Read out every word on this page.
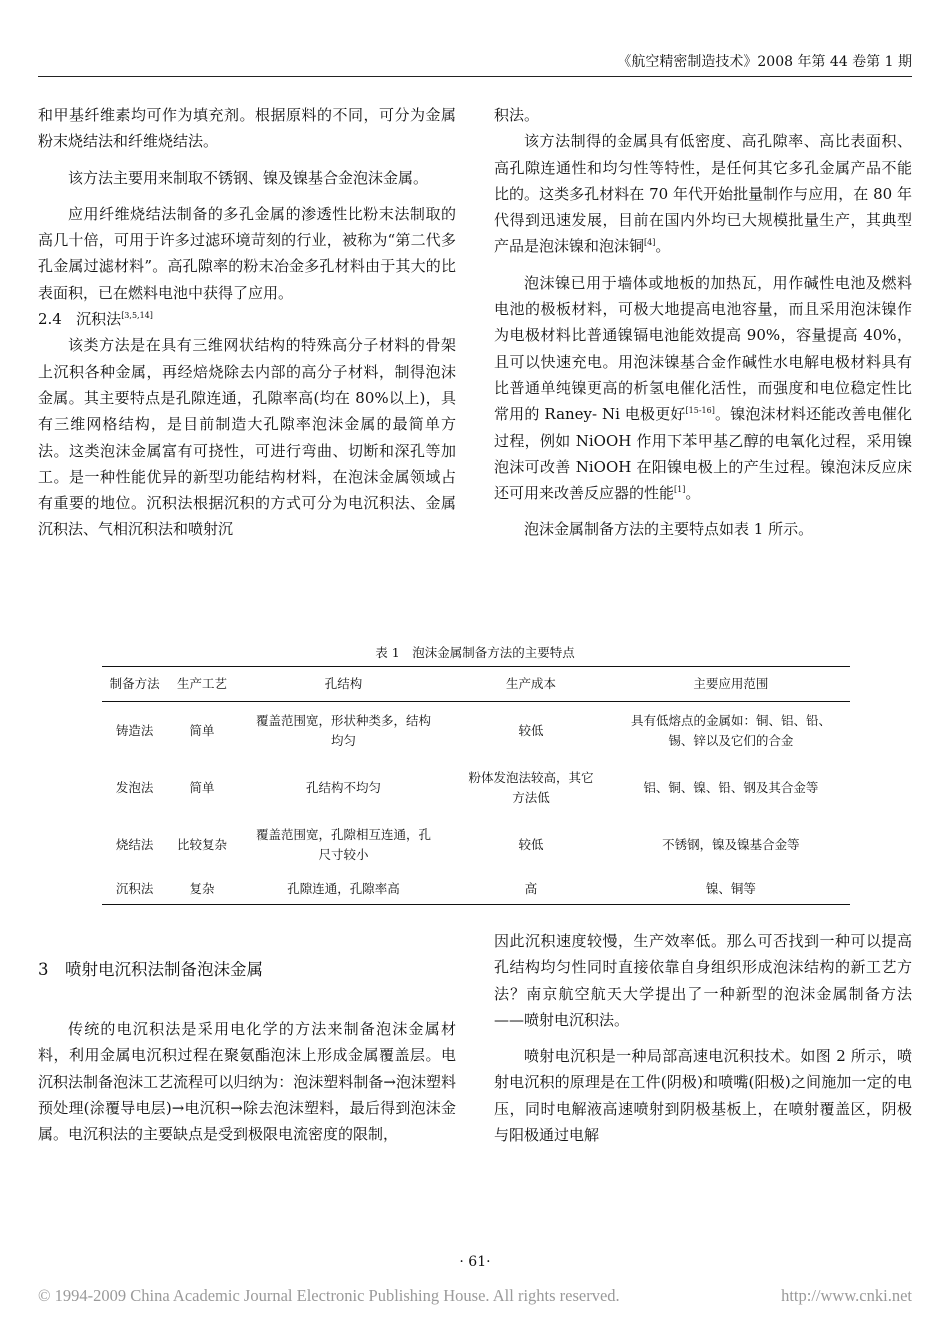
《航空精密制造技术》2008 年第 44 卷第 1 期

和甲基纤维素均可作为填充剂。根据原料的不同，可分为金属粉末烧结法和纤维烧结法。

该方法主要用来制取不锈钢、镍及镍基合金泡沫金属。

应用纤维烧结法制备的多孔金属的渗透性比粉末法制取的高几十倍，可用于许多过滤环境苛刻的行业，被称为“第二代多孔金属过滤材料”。高孔隙率的粉末冶金多孔材料由于其大的比表面积，已在燃料电池中获得了应用。

2.4 沉积法[3,5,14]

该类方法是在具有三维网状结构的特殊高分子材料的骨架上沉积各种金属，再经焙烧除去内部的高分子材料，制得泡沫金属。其主要特点是孔隙连通，孔隙率高(均在 80%以上)，具有三维网格结构，是目前制造大孔隙率泡沫金属的最简单方法。这类泡沫金属富有可挠性，可进行弯曲、切断和深孔等加工。是一种性能优异的新型功能结构材料，在泡沫金属领域占有重要的地位。沉积法根据沉积的方式可分为电沉积法、金属沉积法、气相沉积法和喷射沉

积法。

该方法制得的金属具有低密度、高孔隙率、高比表面积、高孔隙连通性和均匀性等特性，是任何其它多孔金属产品不能比的。这类多孔材料在 70 年代开始批量制作与应用，在 80 年代得到迅速发展，目前在国内外均已大规模批量生产，其典型产品是泡沫镍和泡沫铜[4]。

泡沫镍已用于墙体或地板的加热瓦，用作碱性电池及燃料电池的极板材料，可极大地提高电池容量，而且采用泡沫镍作为电极材料比普通镍镉电池能效提高 90%，容量提高 40%，且可以快速充电。用泡沫镍基合金作碱性水电解电极材料具有比普通单纯镍更高的析氢电催化活性，而强度和电位稳定性比常用的 Raney- Ni 电极更好[15-16]。镍泡沫材料还能改善电催化过程，例如 NiOOH 作用下苯甲基乙醇的电氧化过程，采用镍泡沫可改善 NiOOH 在阳镍电极上的产生过程。镍泡沫反应床还可用来改善反应器的性能[1]。

泡沫金属制备方法的主要特点如表 1 所示。

表 1　泡沫金属制备方法的主要特点
制备方法	生产工艺	孔结构	生产成本	主要应用范围
铸造法	简单	覆盖范围宽，形状种类多，结构均匀	较低	具有低熔点的金属如：铜、铝、铅、锡、锌以及它们的合金
发泡法	简单	孔结构不均匀	粉体发泡法较高，其它方法低	铝、铜、镍、铅、钢及其合金等
烧结法	比较复杂	覆盖范围宽，孔隙相互连通，孔尺寸较小	较低	不锈钢，镍及镍基合金等
沉积法	复杂	孔隙连通，孔隙率高	高	镍、铜等
3　喷射电沉积法制备泡沫金属

传统的电沉积法是采用电化学的方法来制备泡沫金属材料，利用金属电沉积过程在聚氨酯泡沫上形成金属覆盖层。电沉积法制备泡沫工艺流程可以归纳为：泡沫塑料制备→泡沫塑料预处理(涂覆导电层)→电沉积→除去泡沫塑料，最后得到泡沫金属。电沉积法的主要缺点是受到极限电流密度的限制，

因此沉积速度较慢，生产效率低。那么可否找到一种可以提高孔结构均匀性同时直接依靠自身组织形成泡沫结构的新工艺方法？南京航空航天大学提出了一种新型的泡沫金属制备方法——喷射电沉积法。

喷射电沉积是一种局部高速电沉积技术。如图 2 所示，喷射电沉积的原理是在工件(阴极)和喷嘴(阳极)之间施加一定的电压，同时电解液高速喷射到阴极基板上，在喷射覆盖区，阴极与阳极通过电解

· 61·
© 1994-2009 China Academic Journal Electronic Publishing House. All rights reserved.	http://www.cnki.net
